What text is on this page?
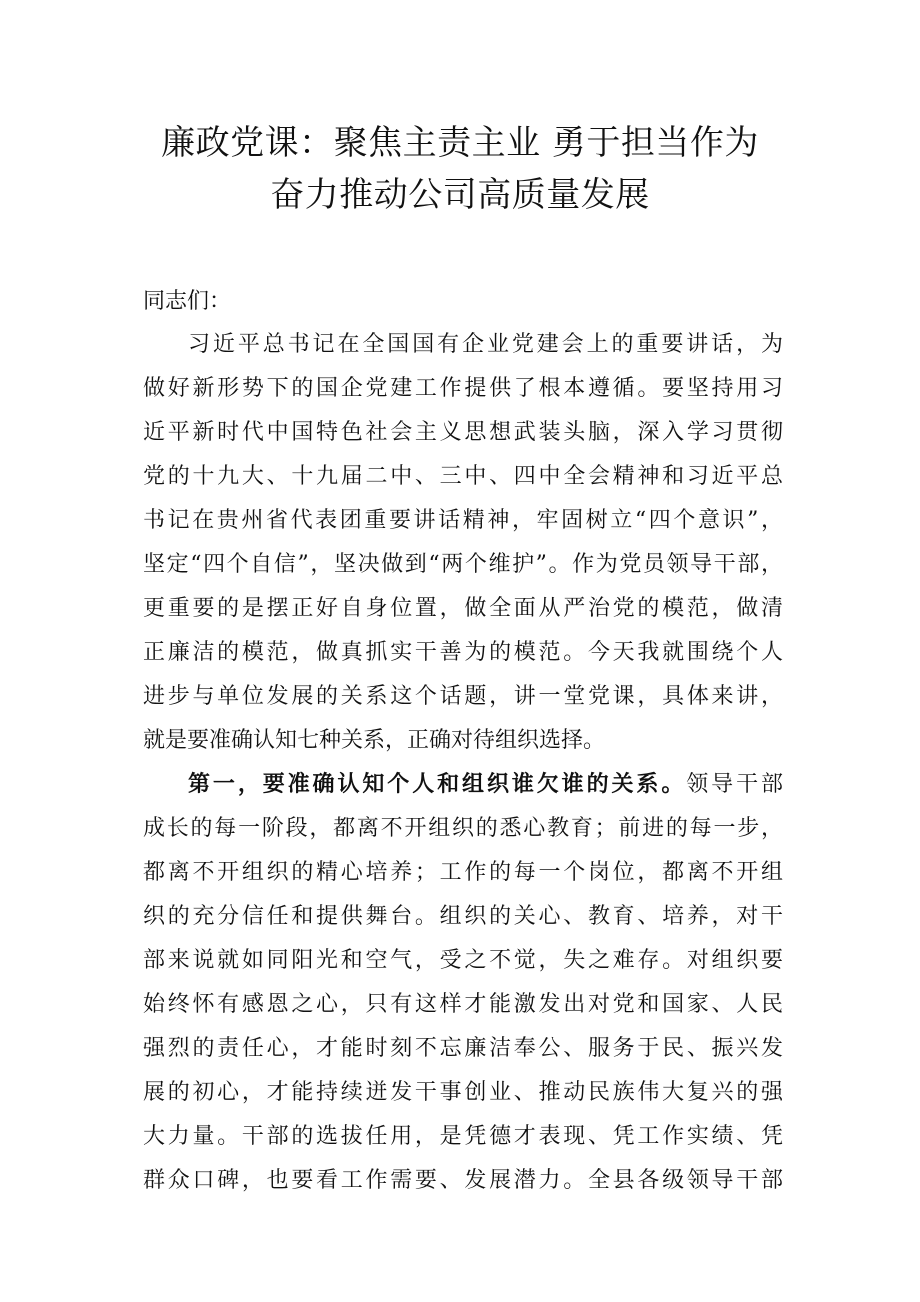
廉政党课：聚焦主责主业 勇于担当作为
奋力推动公司高质量发展
同志们：
习近平总书记在全国国有企业党建会上的重要讲话，为
做好新形势下的国企党建工作提供了根本遵循。要坚持用习
近平新时代中国特色社会主义思想武装头脑，深入学习贯彻
党的十九大、十九届二中、三中、四中全会精神和习近平总
书记在贵州省代表团重要讲话精神，牢固树立“四个意识”，
坚定“四个自信”，坚决做到“两个维护”。作为党员领导干部，
更重要的是摆正好自身位置，做全面从严治党的模范，做清
正廉洁的模范，做真抓实干善为的模范。今天我就围绕个人
进步与单位发展的关系这个话题，讲一堂党课，具体来讲，
就是要准确认知七种关系，正确对待组织选择。
第一，要准确认知个人和组织谁欠谁的关系。领导干部
成长的每一阶段，都离不开组织的悉心教育；前进的每一步，
都离不开组织的精心培养；工作的每一个岗位，都离不开组
织的充分信任和提供舞台。组织的关心、教育、培养，对干
部来说就如同阳光和空气，受之不觉，失之难存。对组织要
始终怀有感恩之心，只有这样才能激发出对党和国家、人民
强烈的责任心，才能时刻不忘廉洁奉公、服务于民、振兴发
展的初心，才能持续迸发干事创业、推动民族伟大复兴的强
大力量。干部的选拔任用，是凭德才表现、凭工作实绩、凭
群众口碑，也要看工作需要、发展潜力。全县各级领导干部
